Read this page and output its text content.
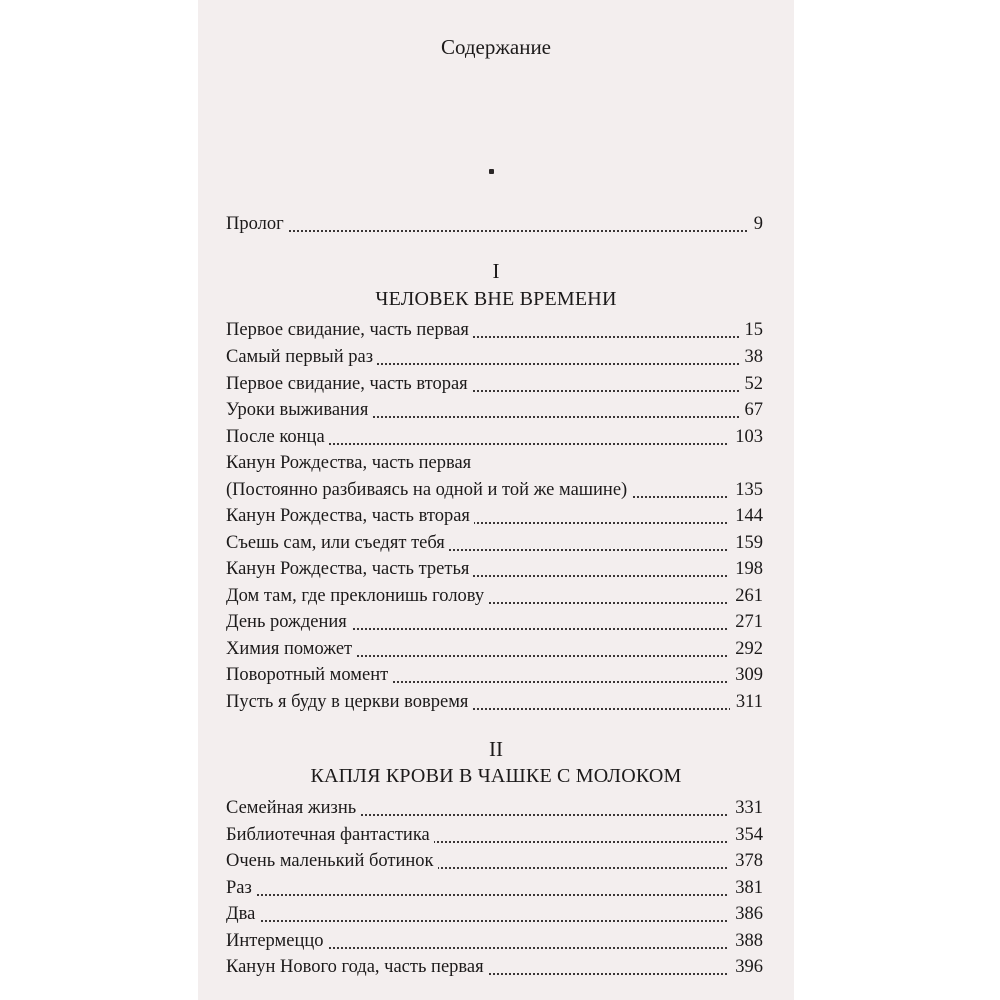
Содержание
Пролог	9
I
ЧЕЛОВЕК ВНЕ ВРЕМЕНИ
Первое свидание, часть первая	15
Самый первый раз	38
Первое свидание, часть вторая	52
Уроки выживания	67
После конца	103
Канун Рождества, часть первая
(Постоянно разбиваясь на одной и той же машине)	135
Канун Рождества, часть вторая	144
Съешь сам, или съедят тебя	159
Канун Рождества, часть третья	198
Дом там, где преклонишь голову	261
День рождения	271
Химия поможет	292
Поворотный момент	309
Пусть я буду в церкви вовремя	311
II
КАПЛЯ КРОВИ В ЧАШКЕ С МОЛОКОМ
Семейная жизнь	331
Библиотечная фантастика	354
Очень маленький ботинок	378
Раз	381
Два	386
Интермеццо	388
Канун Нового года, часть первая	396
